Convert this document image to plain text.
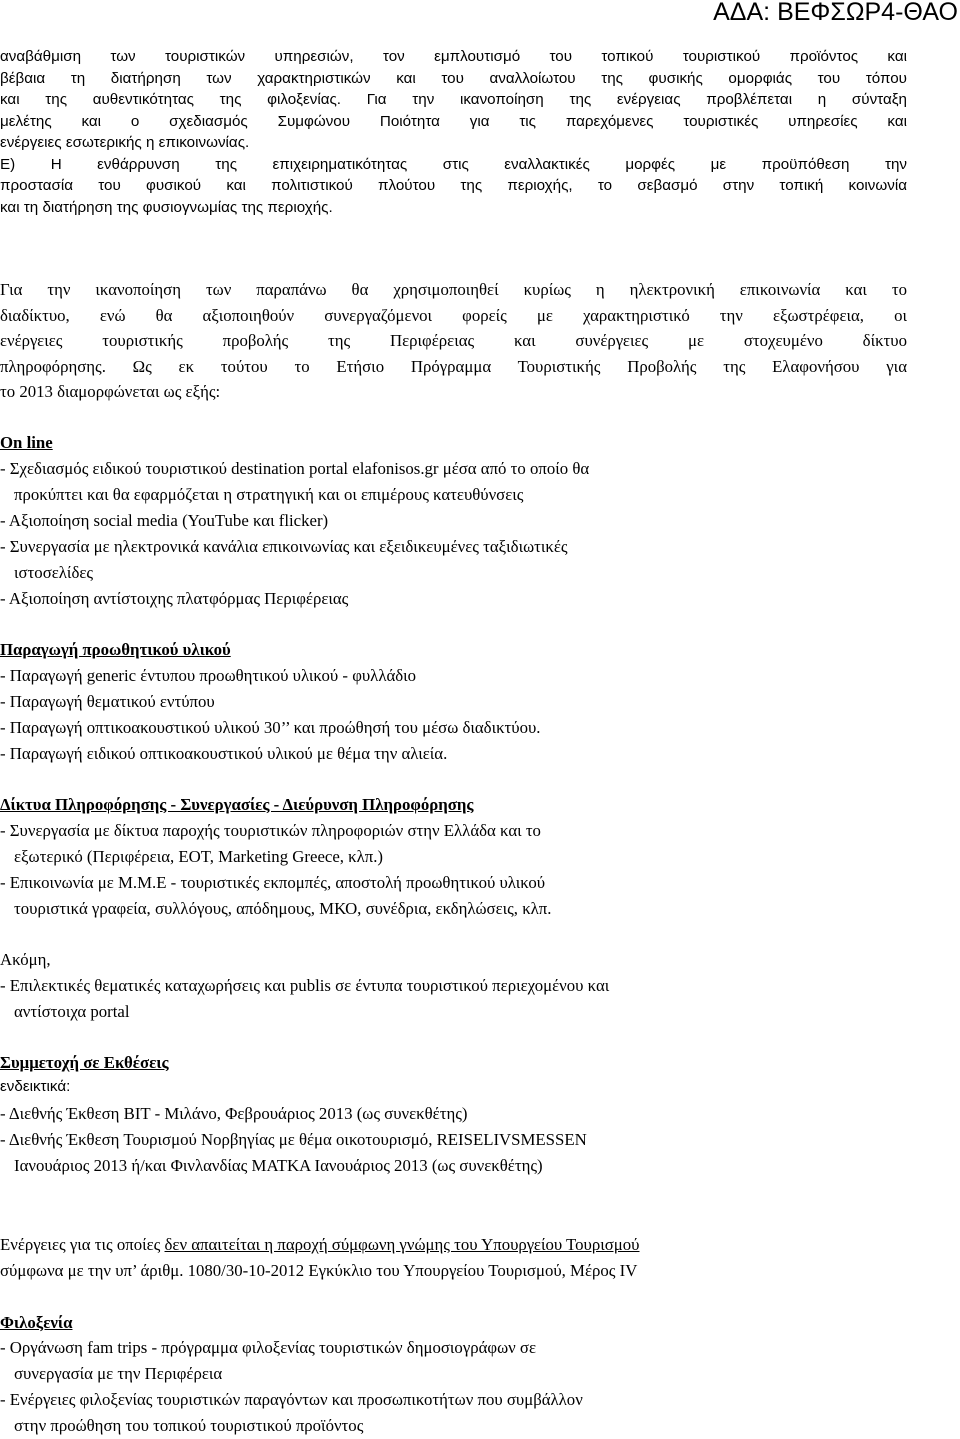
ΑΔΑ: ΒΕΦΣΩΡ4-ΘΑΟ

αναβάθμιση των τουριστικών υπηρεσιών, τον εμπλουτισμό του τοπικού τουριστικού προϊόντος και

βέβαια τη διατήρηση των χαρακτηριστικών και του αναλλοίωτου της φυσικής ομορφιάς του τόπου

και της αυθεντικότητας της φιλοξενίας. Για την ικανοποίηση της ενέργειας προβλέπεται η σύνταξη

μελέτης και ο σχεδιασμός Συμφώνου Ποιότητα για τις παρεχόμενες τουριστικές υπηρεσίες και

ενέργειες εσωτερικής η επικοινωνίας.

Ε) Η ενθάρρυνση της επιχειρηματικότητας στις εναλλακτικές μορφές με προϋπόθεση την

προστασία του φυσικού και πολιτιστικού πλούτου της περιοχής, το σεβασμό στην τοπική κοινωνία

και τη διατήρηση της φυσιογνωμίας της περιοχής.

Για την ικανοποίηση των παραπάνω θα χρησιμοποιηθεί κυρίως η ηλεκτρονική επικοινωνία και το

διαδίκτυο, ενώ θα αξιοποιηθούν συνεργαζόμενοι φορείς με χαρακτηριστικό την εξωστρέφεια, οι

ενέργειες τουριστικής προβολής της Περιφέρειας και συνέργειες με στοχευμένο δίκτυο

πληροφόρησης. Ως εκ τούτου το Ετήσιο Πρόγραμμα Τουριστικής Προβολής της Ελαφονήσου για

το 2013 διαμορφώνεται ως εξής:

On line

- Σχεδιασμός ειδικού τουριστικού destination portal elafonisos.gr μέσα από το οποίο θα

προκύπτει και θα εφαρμόζεται η στρατηγική και οι επιμέρους κατευθύνσεις

- Αξιοποίηση social media (YouTube και flicker)

- Συνεργασία με ηλεκτρονικά κανάλια επικοινωνίας και εξειδικευμένες ταξιδιωτικές

ιστοσελίδες

- Αξιοποίηση αντίστοιχης πλατφόρμας Περιφέρειας

Παραγωγή προωθητικού υλικού

- Παραγωγή generic έντυπου προωθητικού υλικού - φυλλάδιο

- Παραγωγή θεματικού εντύπου

- Παραγωγή οπτικοακουστικού υλικού 30’’ και προώθησή του μέσω διαδικτύου.

- Παραγωγή ειδικού οπτικοακουστικού υλικού με θέμα την αλιεία.

Δίκτυα Πληροφόρησης - Συνεργασίες - Διεύρυνση Πληροφόρησης

- Συνεργασία με δίκτυα παροχής τουριστικών πληροφοριών στην Ελλάδα και το

εξωτερικό (Περιφέρεια, ΕΟΤ, Marketing Greece, κλπ.)

- Επικοινωνία με Μ.Μ.Ε - τουριστικές εκπομπές, αποστολή προωθητικού υλικού

τουριστικά γραφεία, συλλόγους, απόδημους, ΜΚΟ, συνέδρια, εκδηλώσεις, κλπ.

Ακόμη,

- Επιλεκτικές θεματικές καταχωρήσεις και publis σε έντυπα τουριστικού περιεχομένου και

αντίστοιχα portal

Συμμετοχή σε Εκθέσεις

ενδεικτικά:

- Διεθνής Έκθεση ΒΙΤ - Μιλάνο, Φεβρουάριος 2013 (ως συνεκθέτης)

- Διεθνής Έκθεση Τουρισμού Νορβηγίας με θέμα οικοτουρισμό, REISELIVSMESSEN

Ιανουάριος 2013 ή/και Φινλανδίας ΜΑΤΚΑ Ιανουάριος 2013 (ως συνεκθέτης)

Ενέργειες για τις οποίες δεν απαιτείται η παροχή σύμφωνη γνώμης του Υπουργείου Τουρισμού

σύμφωνα με την υπ’ άριθμ. 1080/30-10-2012 Εγκύκλιο του Υπουργείου Τουρισμού, Μέρος IV

Φιλοξενία

- Οργάνωση fam trips - πρόγραμμα φιλοξενίας τουριστικών δημοσιογράφων σε

συνεργασία με την Περιφέρεια

- Ενέργειες φιλοξενίας τουριστικών παραγόντων και προσωπικοτήτων που συμβάλλον

στην προώθηση του τοπικού τουριστικού προϊόντος
